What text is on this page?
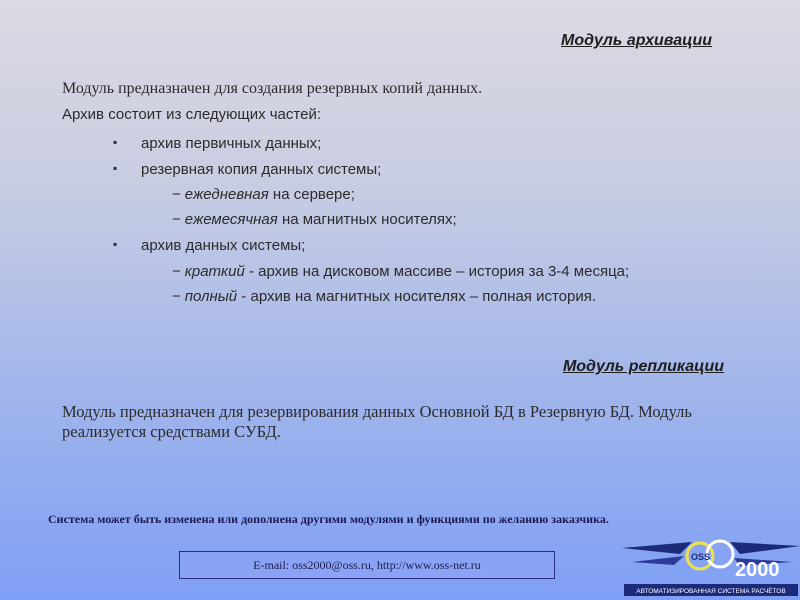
Модуль архивации
Модуль предназначен для создания резервных копий данных.
Архив состоит из следующих частей:
▪ архив первичных данных;
▪ резервная копия данных системы;
− ежедневная на сервере;
− ежемесячная на магнитных носителях;
▪ архив данных системы;
− краткий - архив на дисковом массиве – история за 3-4 месяца;
− полный - архив на магнитных носителях – полная история.
Модуль репликации
Модуль предназначен для резервирования данных Основной БД в Резервную БД. Модуль реализуется средствами СУБД.
Система может быть изменена или дополнена другими модулями и функциями по желанию заказчика.
E-mail: oss2000@oss.ru, http://www.oss-net.ru
OSS
2000
АВТОМАТИЗИРОВАННАЯ СИСТЕМА РАСЧЁТОВ
